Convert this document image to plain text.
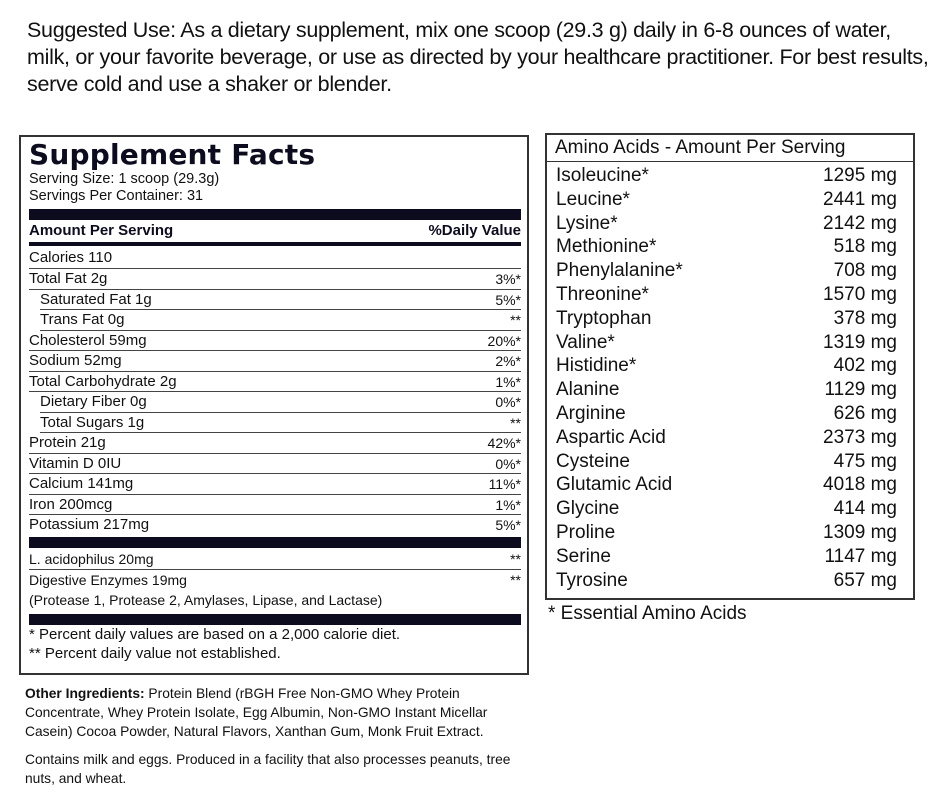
Suggested Use: As a dietary supplement, mix one scoop (29.3 g) daily in 6-8 ounces of water, milk, or your favorite beverage, or use as directed by your healthcare practitioner. For best results, serve cold and use a shaker or blender.
Supplement Facts
Serving Size: 1 scoop (29.3g)
Servings Per Container: 31
Amount Per Serving	%Daily Value
Calories 110
Total Fat 2g	3%*
Saturated Fat 1g	5%*
Trans Fat 0g	**
Cholesterol 59mg	20%*
Sodium 52mg	2%*
Total Carbohydrate 2g	1%*
Dietary Fiber 0g	0%*
Total Sugars 1g	**
Protein 21g	42%*
Vitamin D 0IU	0%*
Calcium 141mg	11%*
Iron 200mcg	1%*
Potassium 217mg	5%*
L. acidophilus 20mg	**
Digestive Enzymes 19mg	**
(Protease 1, Protease 2, Amylases, Lipase, and Lactase)
* Percent daily values are based on a 2,000 calorie diet.
** Percent daily value not established.
Other Ingredients: Protein Blend (rBGH Free Non-GMO Whey Protein Concentrate, Whey Protein Isolate, Egg Albumin, Non-GMO Instant Micellar Casein) Cocoa Powder, Natural Flavors, Xanthan Gum, Monk Fruit Extract.
Contains milk and eggs. Produced in a facility that also processes peanuts, tree nuts, and wheat.
Amino Acids - Amount Per Serving
Isoleucine*	1295 mg
Leucine*	2441 mg
Lysine*	2142 mg
Methionine*	518 mg
Phenylalanine*	708 mg
Threonine*	1570 mg
Tryptophan	378 mg
Valine*	1319 mg
Histidine*	402 mg
Alanine	1129 mg
Arginine	626 mg
Aspartic Acid	2373 mg
Cysteine	475 mg
Glutamic Acid	4018 mg
Glycine	414 mg
Proline	1309 mg
Serine	1147 mg
Tyrosine	657 mg
* Essential Amino Acids
